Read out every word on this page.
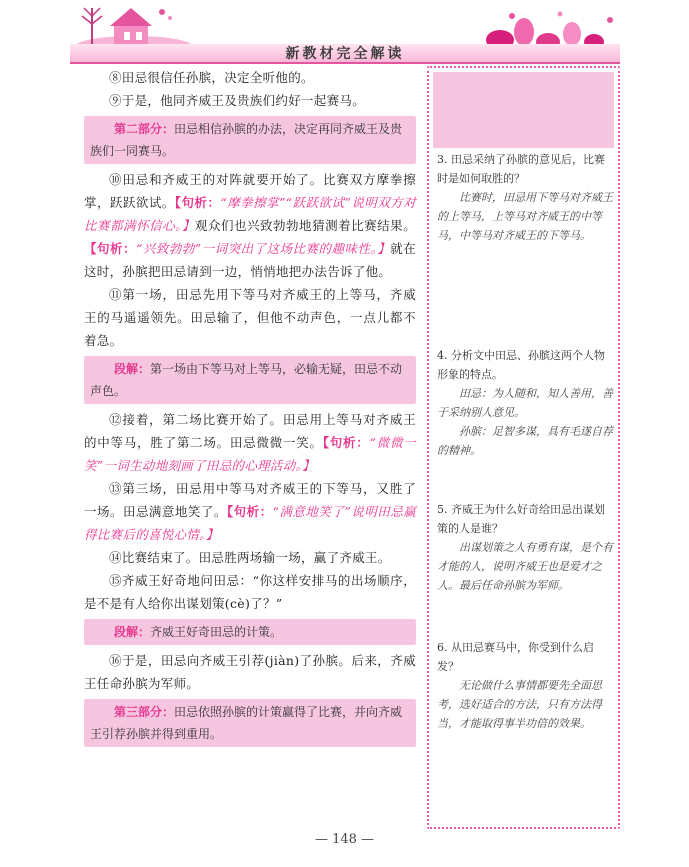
新教材完全解读

⑧田忌很信任孙膑，决定全听他的。

⑨于是，他同齐威王及贵族们约好一起赛马。

第二部分：田忌相信孙膑的办法，决定再同齐威王及贵族们一同赛马。

⑩田忌和齐威王的对阵就要开始了。比赛双方摩拳擦掌，跃跃欲试。【句析：“摩拳擦掌”“跃跃欲试”说明双方对比赛都满怀信心。】观众们也兴致勃勃地猜测着比赛结果。【句析：“兴致勃勃”一词突出了这场比赛的趣味性。】就在这时，孙膑把田忌请到一边，悄悄地把办法告诉了他。

⑪第一场，田忌先用下等马对齐威王的上等马，齐威王的马遥遥领先。田忌输了，但他不动声色，一点儿都不着急。

段解：第一场由下等马对上等马，必输无疑，田忌不动声色。

⑫接着，第二场比赛开始了。田忌用上等马对齐威王的中等马，胜了第二场。田忌微微一笑。【句析：“微微一笑”一词生动地刻画了田忌的心理活动。】

⑬第三场，田忌用中等马对齐威王的下等马，又胜了一场。田忌满意地笑了。【句析：“满意地笑了”说明田忌赢得比赛后的喜悦心情。】

⑭比赛结束了。田忌胜两场输一场，赢了齐威王。

⑮齐威王好奇地问田忌：“你这样安排马的出场顺序，是不是有人给你出谋划策(cè)了？”

段解：齐威王好奇田忌的计策。

⑯于是，田忌向齐威王引荐(jiàn)了孙膑。后来，齐威王任命孙膑为军师。

第三部分：田忌依照孙膑的计策赢得了比赛，并向齐威王引荐孙膑并得到重用。

3. 田忌采纳了孙膑的意见后，比赛时是如何取胜的？

比赛时，田忌用下等马对齐威王的上等马，上等马对齐威王的中等马，中等马对齐威王的下等马。

4. 分析文中田忌、孙膑这两个人物形象的特点。

田忌：为人随和，知人善用，善于采纳别人意见。

孙膑：足智多谋，具有毛遂自荐的精神。

5. 齐威王为什么好奇给田忌出谋划策的人是谁？

出谋划策之人有勇有谋，是个有才能的人，说明齐威王也是爱才之人。最后任命孙膑为军师。

6. 从田忌赛马中，你受到什么启发？

无论做什么事情都要先全面思考，选好适合的方法，只有方法得当，才能取得事半功倍的效果。

— 148 —
